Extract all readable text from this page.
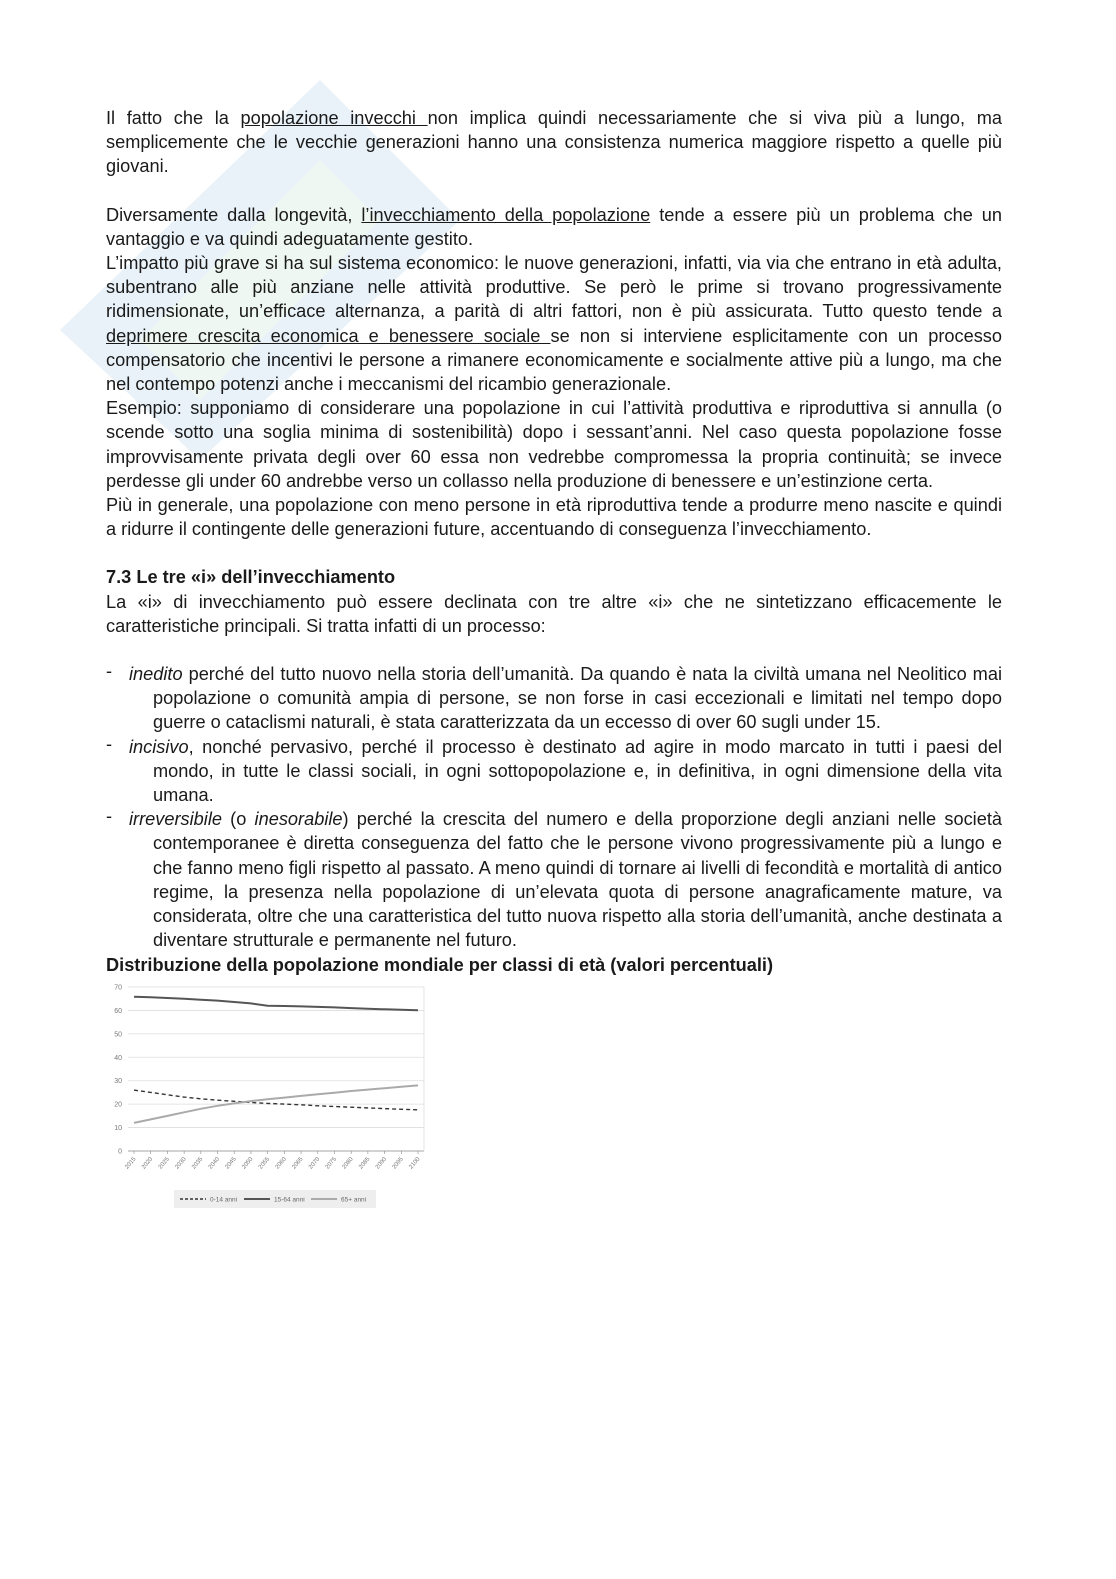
Il fatto che la popolazione invecchi non implica quindi necessariamente che si viva più a lungo, ma semplicemente che le vecchie generazioni hanno una consistenza numerica maggiore rispetto a quelle più giovani.

Diversamente dalla longevità, l’invecchiamento della popolazione tende a essere più un problema che un vantaggio e va quindi adeguatamente gestito.

L’impatto più grave si ha sul sistema economico: le nuove generazioni, infatti, via via che entrano in età adulta, subentrano alle più anziane nelle attività produttive. Se però le prime si trovano progressivamente ridimensionate, un’efficace alternanza, a parità di altri fattori, non è più assicurata. Tutto questo tende a deprimere crescita economica e benessere sociale se non si interviene esplicitamente con un processo compensatorio che incentivi le persone a rimanere economicamente e socialmente attive più a lungo, ma che nel contempo potenzi anche i meccanismi del ricambio generazionale.

Esempio: supponiamo di considerare una popolazione in cui l’attività produttiva e riproduttiva si annulla (o scende sotto una soglia minima di sostenibilità) dopo i sessant’anni. Nel caso questa popolazione fosse improvvisamente privata degli over 60 essa non vedrebbe compromessa la propria continuità; se invece perdesse gli under 60 andrebbe verso un collasso nella produzione di benessere e un’estinzione certa.

Più in generale, una popolazione con meno persone in età riproduttiva tende a produrre meno nascite e quindi a ridurre il contingente delle generazioni future, accentuando di conseguenza l’invecchiamento.

7.3 Le tre «i» dell’invecchiamento

La «i» di invecchiamento può essere declinata con tre altre «i» che ne sintetizzano efficacemente le caratteristiche principali. Si tratta infatti di un processo:

- inedito perché del tutto nuovo nella storia dell’umanità. Da quando è nata la civiltà umana nel Neolitico mai popolazione o comunità ampia di persone, se non forse in casi eccezionali e limitati nel tempo dopo guerre o cataclismi naturali, è stata caratterizzata da un eccesso di over 60 sugli under 15.
- incisivo, nonché pervasivo, perché il processo è destinato ad agire in modo marcato in tutti i paesi del mondo, in tutte le classi sociali, in ogni sottopopolazione e, in definitiva, in ogni dimensione della vita umana.
- irreversibile (o inesorabile) perché la crescita del numero e della proporzione degli anziani nelle società contemporanee è diretta conseguenza del fatto che le persone vivono progressivamente più a lungo e che fanno meno figli rispetto al passato. A meno quindi di tornare ai livelli di fecondità e mortalità di antico regime, la presenza nella popolazione di un’elevata quota di persone anagraficamente mature, va considerata, oltre che una caratteristica del tutto nuova rispetto alla storia dell’umanità, anche destinata a diventare strutturale e permanente nel futuro.
Distribuzione della popolazione mondiale per classi di età (valori percentuali)
0
10
20
30
40
50
60
70
2015 2020 2025 2030 2035 2040 2045 2050 2055 2060 2065 2070 2075 2080 2085 2090 2095 2100
0-14 anni	15-64 anni	65+ anni
